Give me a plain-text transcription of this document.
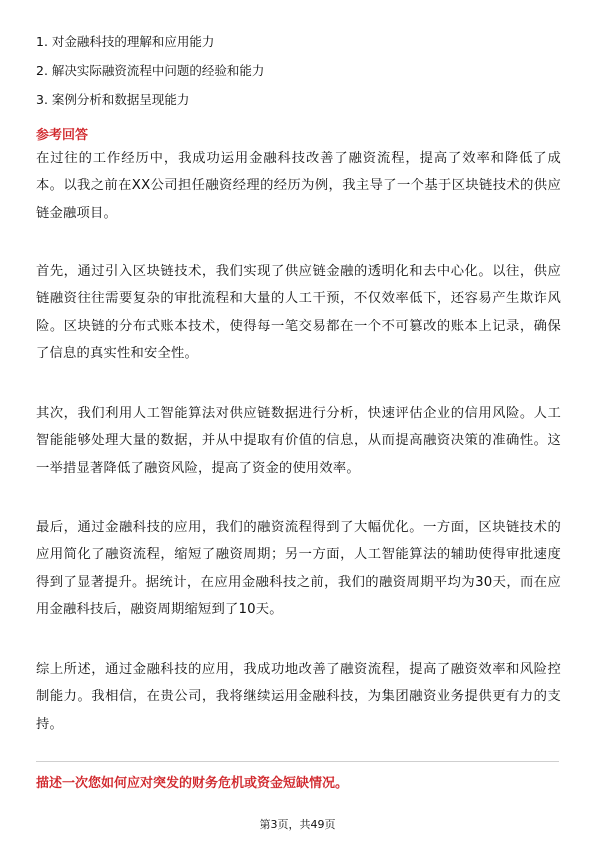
1. 对金融科技的理解和应用能力
2. 解决实际融资流程中问题的经验和能力
3. 案例分析和数据呈现能力
参考回答
在过往的工作经历中，我成功运用金融科技改善了融资流程，提高了效率和降低了成本。以我之前在XX公司担任融资经理的经历为例，我主导了一个基于区块链技术的供应链金融项目。
首先，通过引入区块链技术，我们实现了供应链金融的透明化和去中心化。以往，供应链融资往往需要复杂的审批流程和大量的人工干预，不仅效率低下，还容易产生欺诈风险。区块链的分布式账本技术，使得每一笔交易都在一个不可篡改的账本上记录，确保了信息的真实性和安全性。
其次，我们利用人工智能算法对供应链数据进行分析，快速评估企业的信用风险。人工智能能够处理大量的数据，并从中提取有价值的信息，从而提高融资决策的准确性。这一举措显著降低了融资风险，提高了资金的使用效率。
最后，通过金融科技的应用，我们的融资流程得到了大幅优化。一方面，区块链技术的应用简化了融资流程，缩短了融资周期；另一方面，人工智能算法的辅助使得审批速度得到了显著提升。据统计，在应用金融科技之前，我们的融资周期平均为30天，而在应用金融科技后，融资周期缩短到了10天。
综上所述，通过金融科技的应用，我成功地改善了融资流程，提高了融资效率和风险控制能力。我相信，在贵公司，我将继续运用金融科技，为集团融资业务提供更有力的支持。
描述一次您如何应对突发的财务危机或资金短缺情况。
第3页，共49页
